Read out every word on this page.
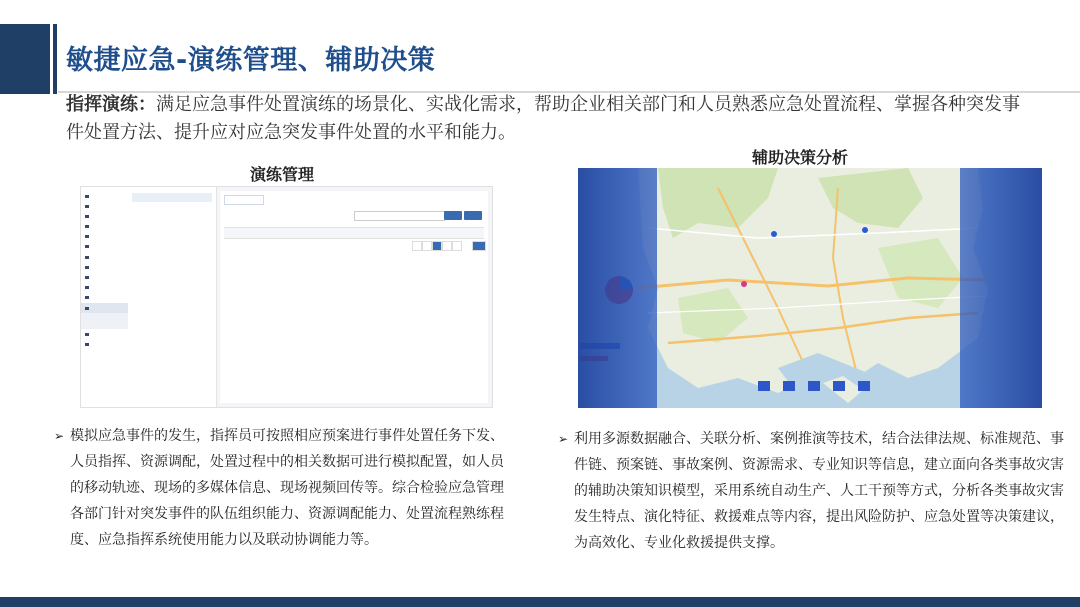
敏捷应急-演练管理、辅助决策
指挥演练：满足应急事件处置演练的场景化、实战化需求，帮助企业相关部门和人员熟悉应急处置流程、掌握各种突发事件处置方法、提升应对应急突发事件处置的水平和能力。
演练管理
辅助决策分析
➢ 模拟应急事件的发生，指挥员可按照相应预案进行事件处置任务下发、人员指挥、资源调配，处置过程中的相关数据可进行模拟配置，如人员的移动轨迹、现场的多媒体信息、现场视频回传等。综合检验应急管理各部门针对突发事件的队伍组织能力、资源调配能力、处置流程熟练程度、应急指挥系统使用能力以及联动协调能力等。
➢ 利用多源数据融合、关联分析、案例推演等技术，结合法律法规、标准规范、事件链、预案链、事故案例、资源需求、专业知识等信息，建立面向各类事故灾害的辅助决策知识模型，采用系统自动生产、人工干预等方式，分析各类事故灾害发生特点、演化特征、救援难点等内容，提出风险防护、应急处置等决策建议，为高效化、专业化救援提供支撑。
